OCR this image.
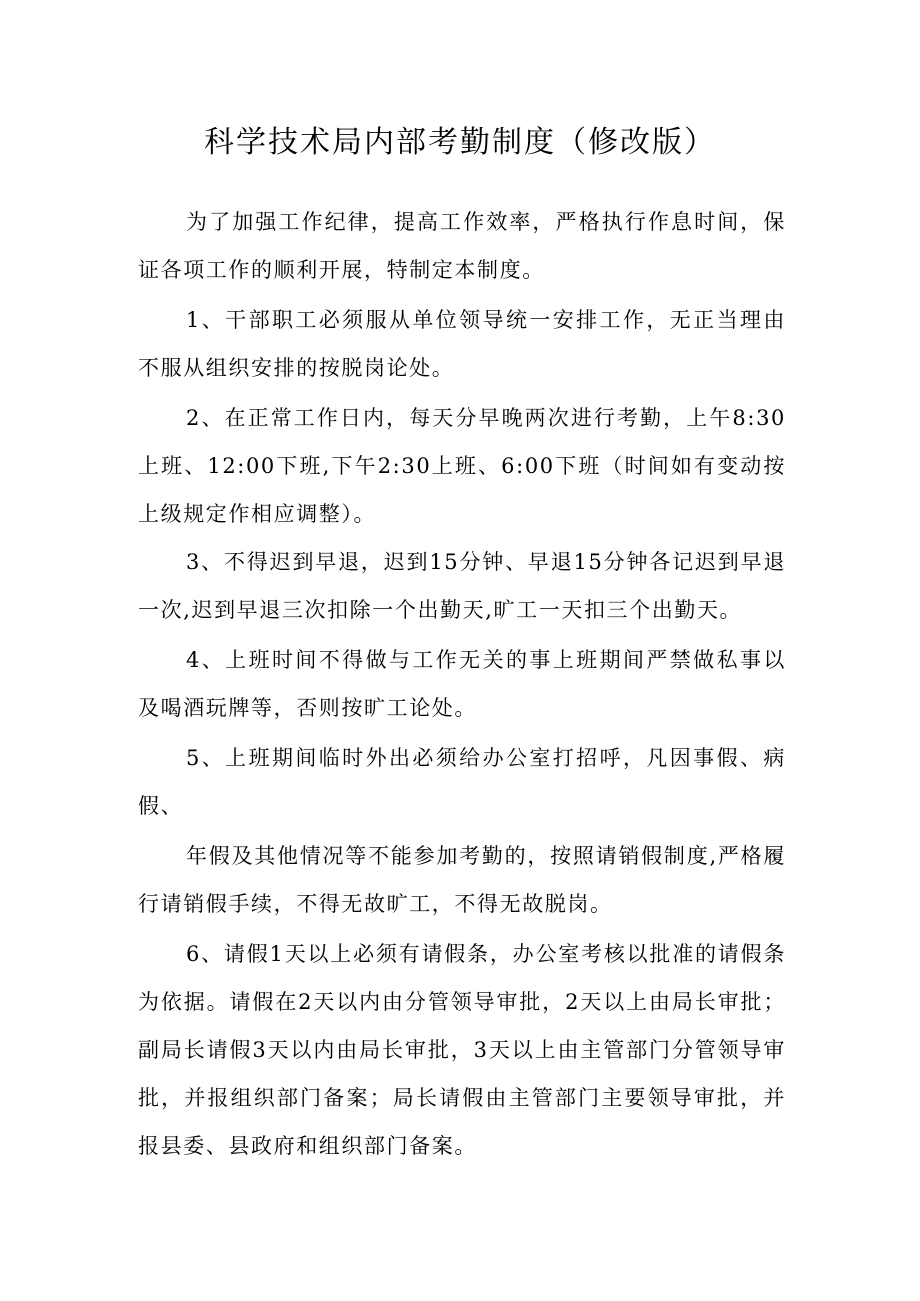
科学技术局内部考勤制度（修改版）

为了加强工作纪律，提高工作效率，严格执行作息时间，保证各项工作的顺利开展，特制定本制度。

1、干部职工必须服从单位领导统一安排工作，无正当理由不服从组织安排的按脱岗论处。

2、在正常工作日内，每天分早晚两次进行考勤，上午8:30上班、12:00下班,下午2:30上班、6:00下班（时间如有变动按上级规定作相应调整）。

3、不得迟到早退，迟到15分钟、早退15分钟各记迟到早退一次,迟到早退三次扣除一个出勤天,旷工一天扣三个出勤天。

4、上班时间不得做与工作无关的事上班期间严禁做私事以及喝酒玩牌等，否则按旷工论处。

5、上班期间临时外出必须给办公室打招呼，凡因事假、病假、

年假及其他情况等不能参加考勤的，按照请销假制度,严格履行请销假手续，不得无故旷工，不得无故脱岗。

6、请假1天以上必须有请假条，办公室考核以批准的请假条为依据。请假在2天以内由分管领导审批，2天以上由局长审批；副局长请假3天以内由局长审批，3天以上由主管部门分管领导审批，并报组织部门备案；局长请假由主管部门主要领导审批，并报县委、县政府和组织部门备案。
